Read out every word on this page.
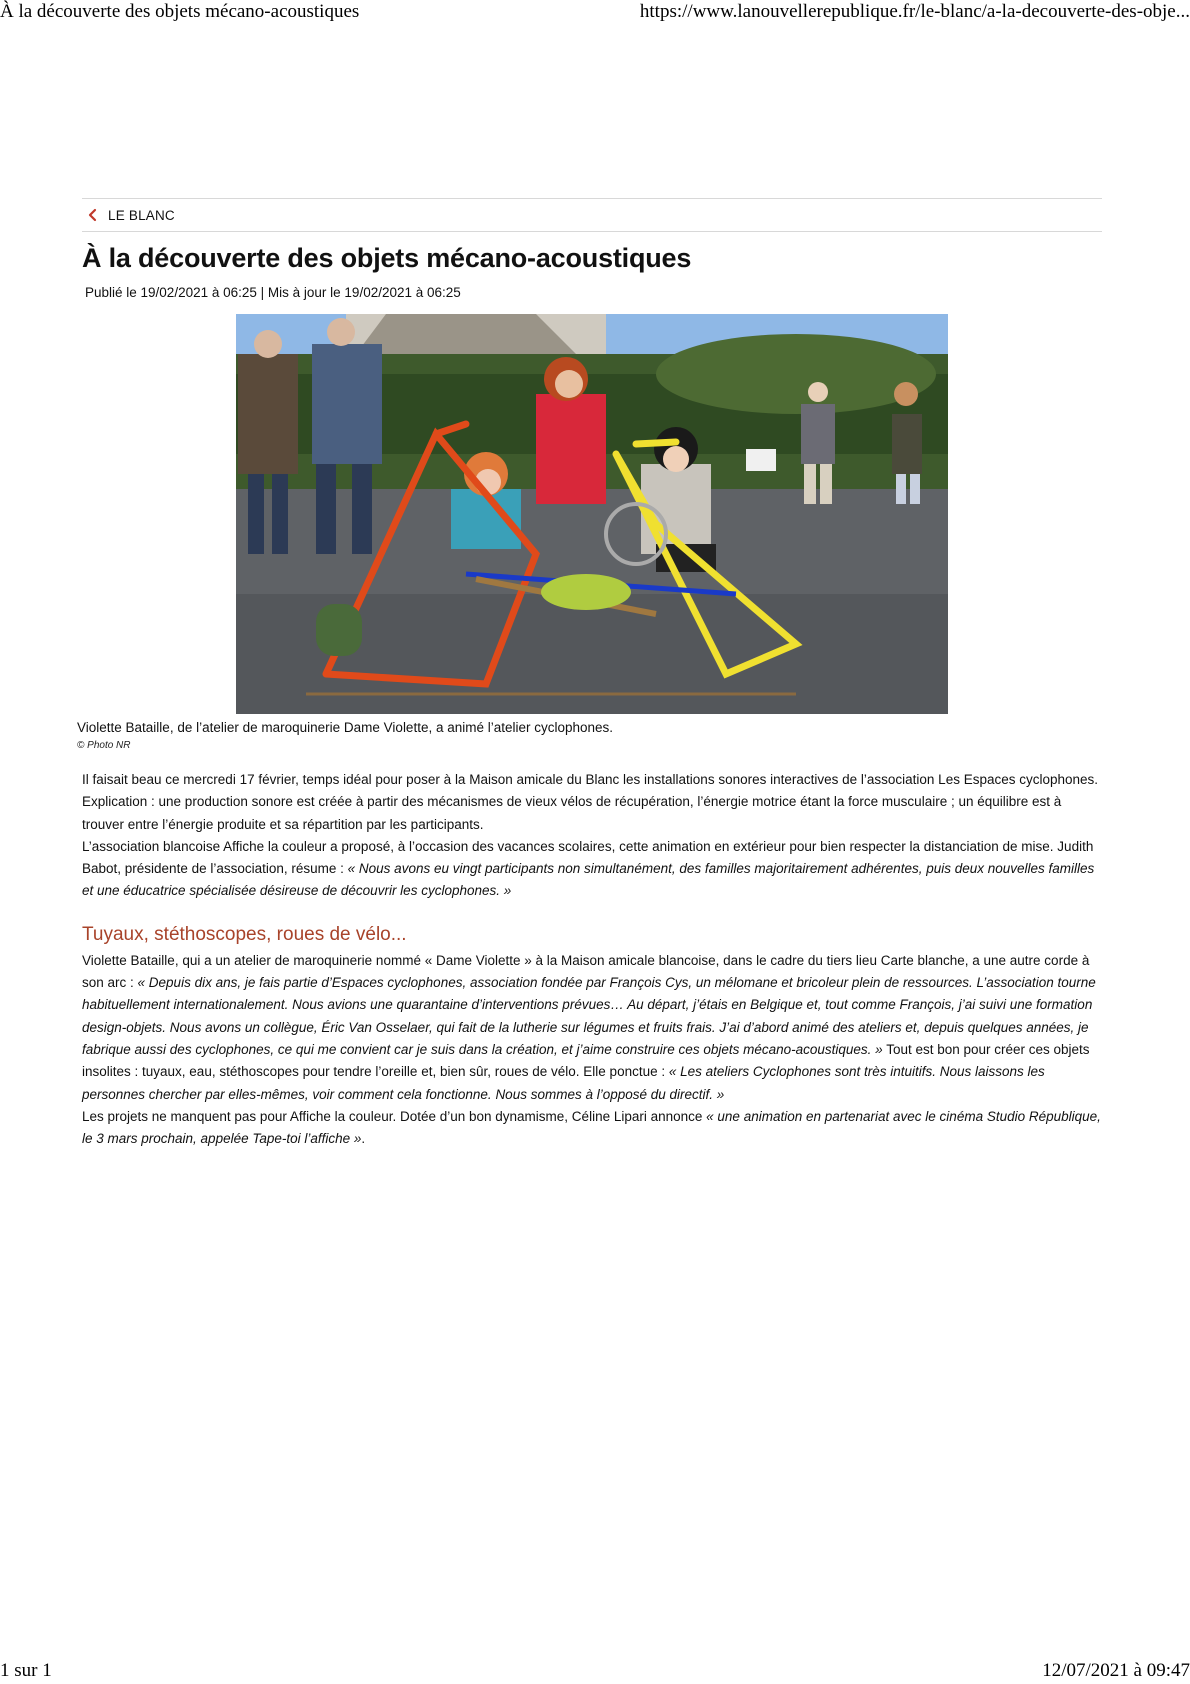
À la découverte des objets mécano-acoustiques	https://www.lanouvellerepublique.fr/le-blanc/a-la-decouverte-des-obje...
LE BLANC
À la découverte des objets mécano-acoustiques
Publié le 19/02/2021 à 06:25 | Mis à jour le 19/02/2021 à 06:25
Violette Bataille, de l’atelier de maroquinerie Dame Violette, a animé l’atelier cyclophones.
© Photo NR

Il faisait beau ce mercredi 17 février, temps idéal pour poser à la Maison amicale du Blanc les installations sonores interactives de l’association Les Espaces cyclophones. Explication : une production sonore est créée à partir des mécanismes de vieux vélos de récupération, l’énergie motrice étant la force musculaire ; un équilibre est à trouver entre l’énergie produite et sa répartition par les participants.

L’association blancoise Affiche la couleur a proposé, à l’occasion des vacances scolaires, cette animation en extérieur pour bien respecter la distanciation de mise. Judith Babot, présidente de l’association, résume : « Nous avons eu vingt participants non simultanément, des familles majoritairement adhérentes, puis deux nouvelles familles et une éducatrice spécialisée désireuse de découvrir les cyclophones. »

Tuyaux, stéthoscopes, roues de vélo...

Violette Bataille, qui a un atelier de maroquinerie nommé « Dame Violette » à la Maison amicale blancoise, dans le cadre du tiers lieu Carte blanche, a une autre corde à son arc : « Depuis dix ans, je fais partie d’Espaces cyclophones, association fondée par François Cys, un mélomane et bricoleur plein de ressources. L’association tourne habituellement internationalement. Nous avions une quarantaine d’interventions prévues… Au départ, j’étais en Belgique et, tout comme François, j’ai suivi une formation design-objets. Nous avons un collègue, Éric Van Osselaer, qui fait de la lutherie sur légumes et fruits frais. J’ai d’abord animé des ateliers et, depuis quelques années, je fabrique aussi des cyclophones, ce qui me convient car je suis dans la création, et j’aime construire ces objets mécano-acoustiques. » Tout est bon pour créer ces objets insolites : tuyaux, eau, stéthoscopes pour tendre l’oreille et, bien sûr, roues de vélo. Elle ponctue : « Les ateliers Cyclophones sont très intuitifs. Nous laissons les personnes chercher par elles-mêmes, voir comment cela fonctionne. Nous sommes à l’opposé du directif. »

Les projets ne manquent pas pour Affiche la couleur. Dotée d’un bon dynamisme, Céline Lipari annonce « une animation en partenariat avec le cinéma Studio République, le 3 mars prochain, appelée Tape-toi l’affiche ».

1 sur 1	12/07/2021 à 09:47
